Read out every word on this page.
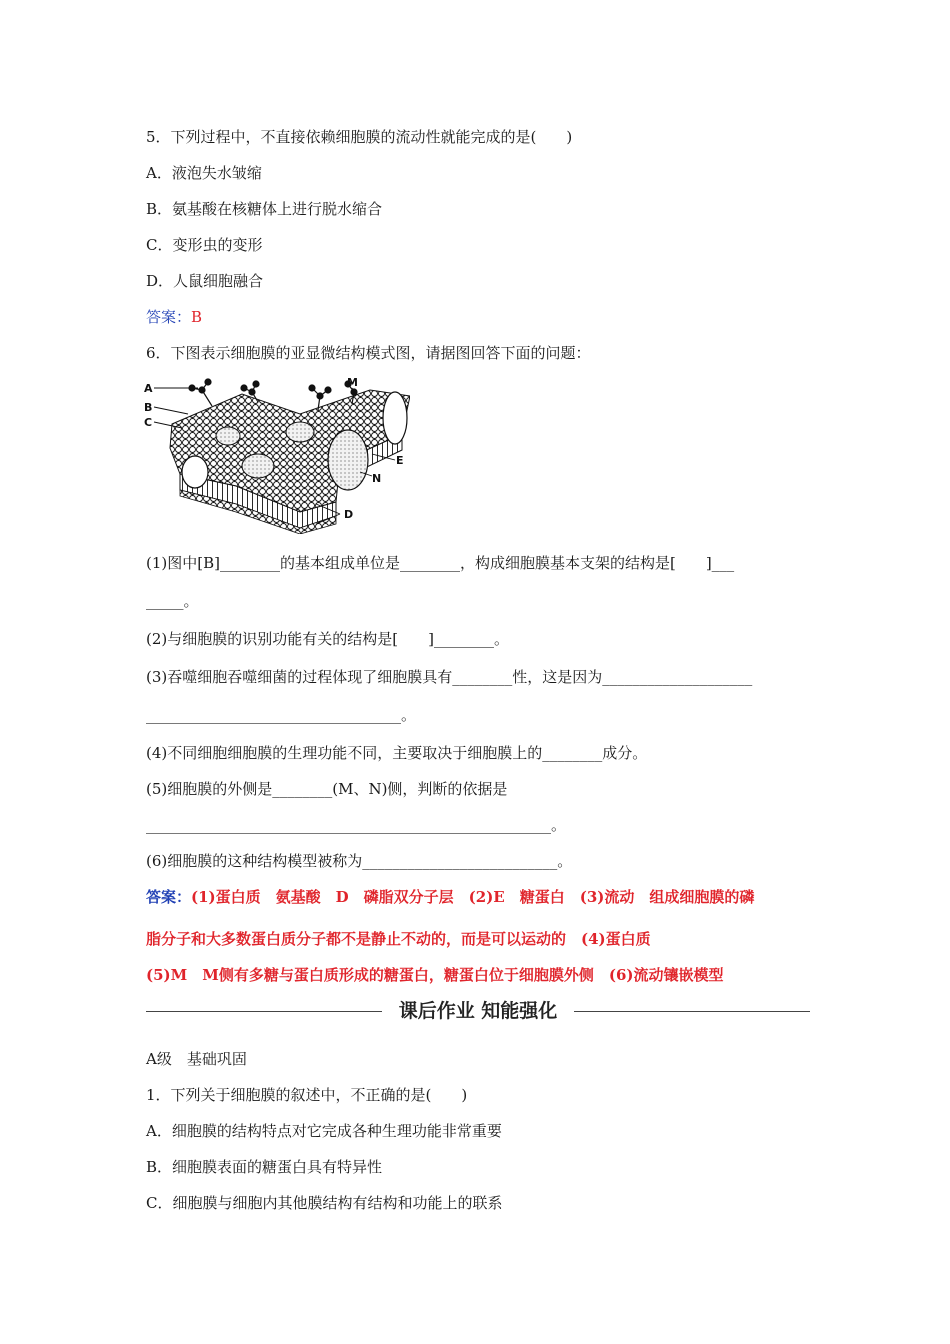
5．下列过程中，不直接依赖细胞膜的流动性就能完成的是(　　)
A．液泡失水皱缩
B．氨基酸在核糖体上进行脱水缩合
C．变形虫的变形
D．人鼠细胞融合
答案：B
6．下图表示细胞膜的亚显微结构模式图，请据图回答下面的问题：
A
B
C
M
E
N
D
(1)图中[B]________的基本组成单位是________，构成细胞膜基本支架的结构是[　　]___
_____。
(2)与细胞膜的识别功能有关的结构是[　　]________。
(3)吞噬细胞吞噬细菌的过程体现了细胞膜具有________性，这是因为____________________
__________________________________。
(4)不同细胞细胞膜的生理功能不同，主要取决于细胞膜上的________成分。
(5)细胞膜的外侧是________(M、N)侧，判断的依据是
______________________________________________________。
(6)细胞膜的这种结构模型被称为__________________________。
答案：(1)蛋白质　氨基酸　D　磷脂双分子层　(2)E　糖蛋白　(3)流动　组成细胞膜的磷
脂分子和大多数蛋白质分子都不是静止不动的，而是可以运动的　(4)蛋白质
(5)M　M侧有多糖与蛋白质形成的糖蛋白，糖蛋白位于细胞膜外侧　(6)流动镶嵌模型
课后作业 知能强化
A级　基础巩固
1．下列关于细胞膜的叙述中，不正确的是(　　)
A．细胞膜的结构特点对它完成各种生理功能非常重要
B．细胞膜表面的糖蛋白具有特异性
C．细胞膜与细胞内其他膜结构有结构和功能上的联系
